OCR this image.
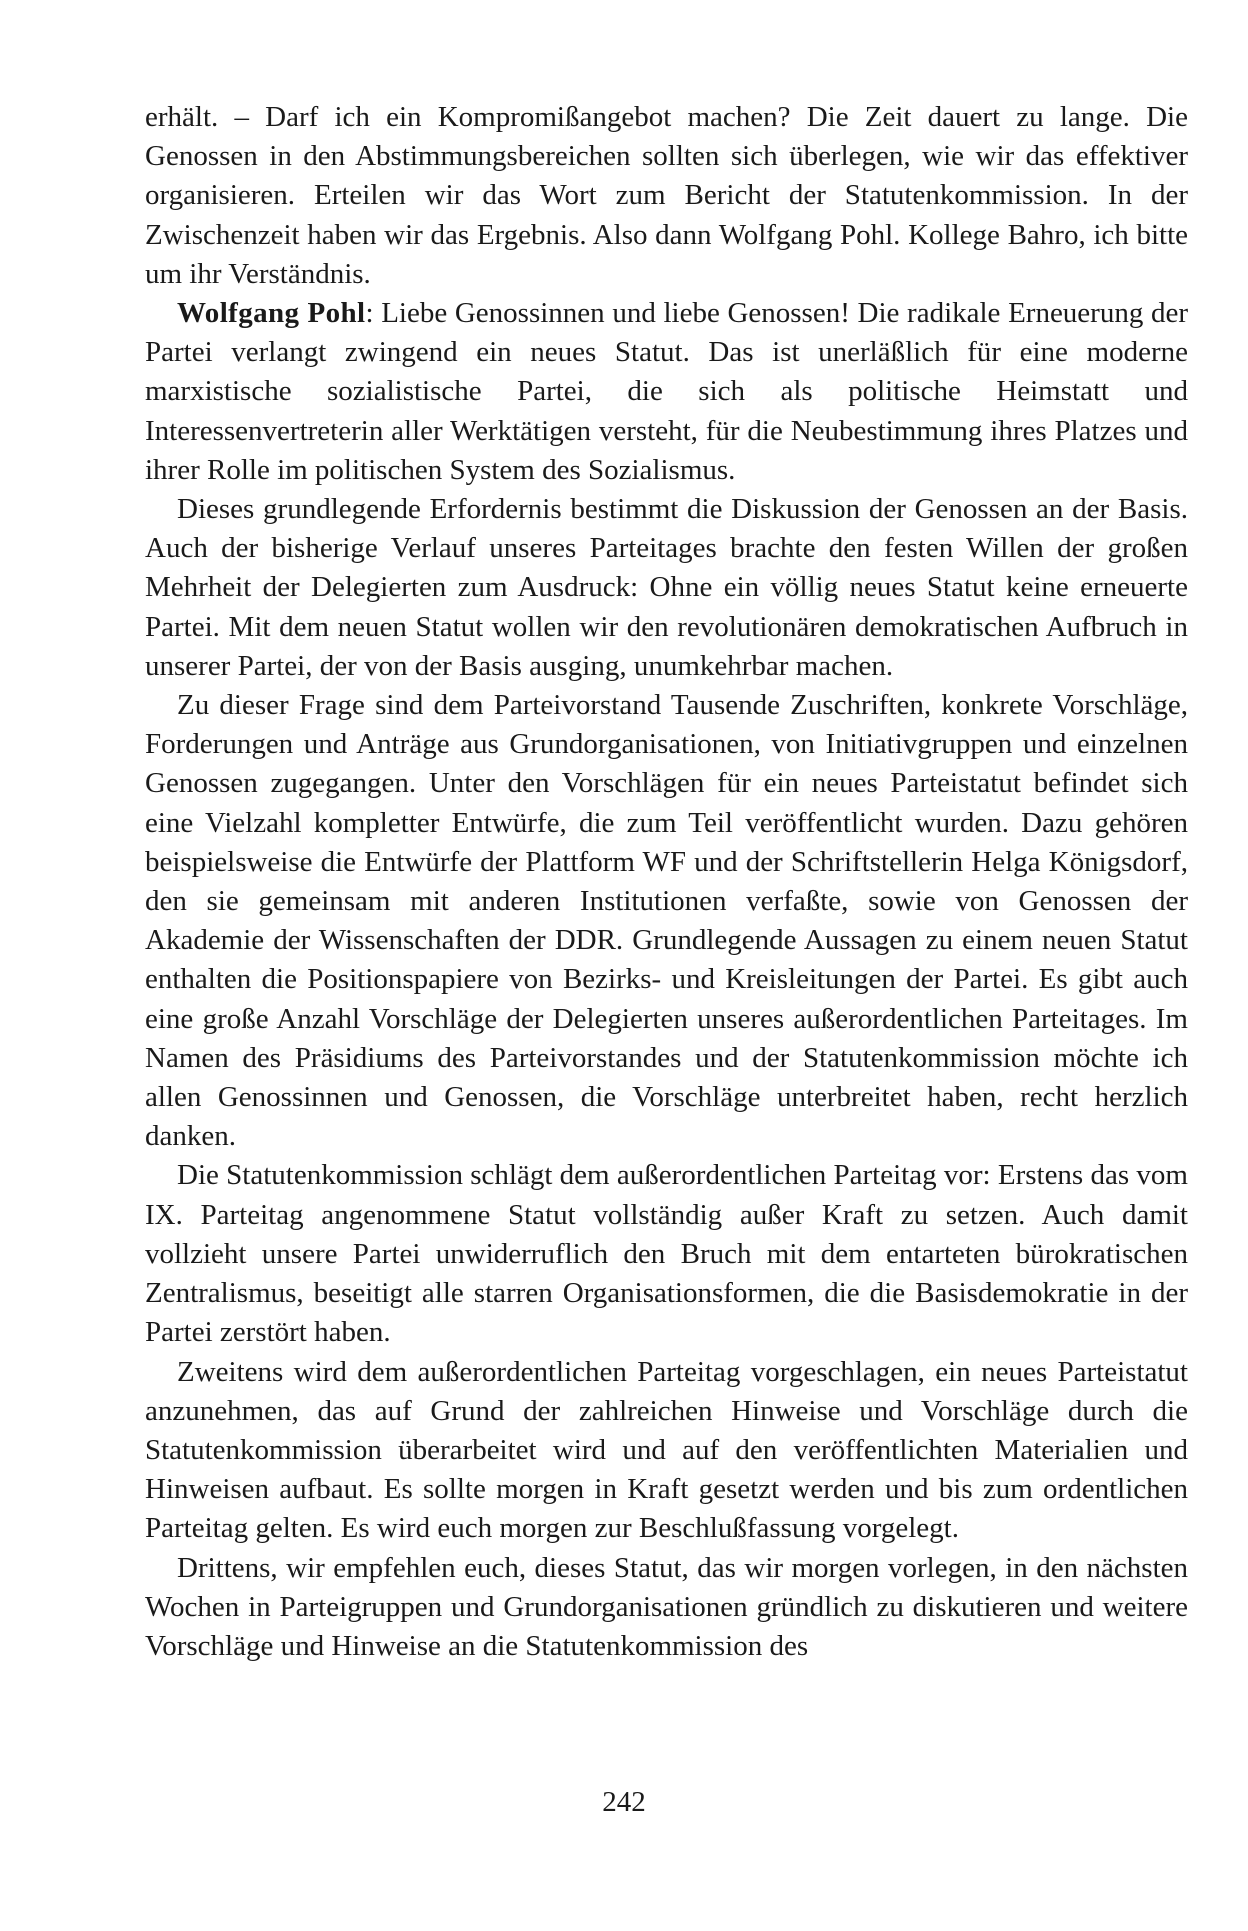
erhält. – Darf ich ein Kompromißangebot machen? Die Zeit dauert zu lange. Die Genossen in den Abstimmungsbereichen sollten sich überlegen, wie wir das effektiver organisieren. Erteilen wir das Wort zum Bericht der Statutenkommission. In der Zwischenzeit haben wir das Ergebnis. Also dann Wolfgang Pohl. Kollege Bahro, ich bitte um ihr Verständnis.

Wolfgang Pohl: Liebe Genossinnen und liebe Genossen! Die radikale Erneuerung der Partei verlangt zwingend ein neues Statut. Das ist unerläßlich für eine moderne marxistische sozialistische Partei, die sich als politische Heimstatt und Interessenvertreterin aller Werktätigen versteht, für die Neubestimmung ihres Platzes und ihrer Rolle im politischen System des Sozialismus.

Dieses grundlegende Erfordernis bestimmt die Diskussion der Genossen an der Basis. Auch der bisherige Verlauf unseres Parteitages brachte den festen Willen der großen Mehrheit der Delegierten zum Ausdruck: Ohne ein völlig neues Statut keine erneuerte Partei. Mit dem neuen Statut wollen wir den revolutionären demokratischen Aufbruch in unserer Partei, der von der Basis ausging, unumkehrbar machen.

Zu dieser Frage sind dem Parteivorstand Tausende Zuschriften, konkrete Vorschläge, Forderungen und Anträge aus Grundorganisationen, von Initiativgruppen und einzelnen Genossen zugegangen. Unter den Vorschlägen für ein neues Parteistatut befindet sich eine Vielzahl kompletter Entwürfe, die zum Teil veröffentlicht wurden. Dazu gehören beispielsweise die Entwürfe der Plattform WF und der Schriftstellerin Helga Königsdorf, den sie gemeinsam mit anderen Institutionen verfaßte, sowie von Genossen der Akademie der Wissenschaften der DDR. Grundlegende Aussagen zu einem neuen Statut enthalten die Positionspapiere von Bezirks- und Kreisleitungen der Partei. Es gibt auch eine große Anzahl Vorschläge der Delegierten unseres außerordentlichen Parteitages. Im Namen des Präsidiums des Parteivorstandes und der Statutenkommission möchte ich allen Genossinnen und Genossen, die Vorschläge unterbreitet haben, recht herzlich danken.

Die Statutenkommission schlägt dem außerordentlichen Parteitag vor: Erstens das vom IX. Parteitag angenommene Statut vollständig außer Kraft zu setzen. Auch damit vollzieht unsere Partei unwiderruflich den Bruch mit dem entarteten bürokratischen Zentralismus, beseitigt alle starren Organisationsformen, die die Basisdemokratie in der Partei zerstört haben.

Zweitens wird dem außerordentlichen Parteitag vorgeschlagen, ein neues Parteistatut anzunehmen, das auf Grund der zahlreichen Hinweise und Vorschläge durch die Statutenkommission überarbeitet wird und auf den veröffentlichten Materialien und Hinweisen aufbaut. Es sollte morgen in Kraft gesetzt werden und bis zum ordentlichen Parteitag gelten. Es wird euch morgen zur Beschlußfassung vorgelegt.

Drittens, wir empfehlen euch, dieses Statut, das wir morgen vorlegen, in den nächsten Wochen in Parteigruppen und Grundorganisationen gründlich zu diskutieren und weitere Vorschläge und Hinweise an die Statutenkommission des

242
